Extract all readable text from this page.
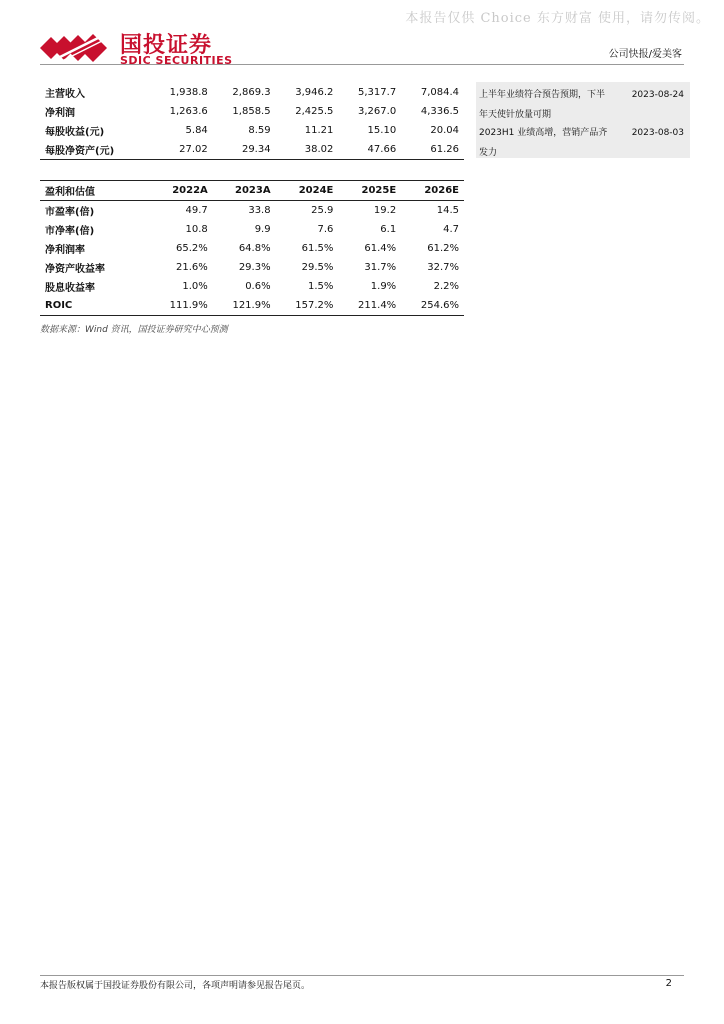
本报告仅供 Choice 东方财富 使用，请勿传阅。
国投证券
SDIC SECURITIES	公司快报/爱美客
主营收入	1,938.8	2,869.3	3,946.2	5,317.7	7,084.4
净利润	1,263.6	1,858.5	2,425.5	3,267.0	4,336.5
每股收益(元)	5.84	8.59	11.21	15.10	20.04
每股净资产(元)	27.02	29.34	38.02	47.66	61.26
盈利和估值	2022A	2023A	2024E	2025E	2026E
市盈率(倍)	49.7	33.8	25.9	19.2	14.5
市净率(倍)	10.8	9.9	7.6	6.1	4.7
净利润率	65.2%	64.8%	61.5%	61.4%	61.2%
净资产收益率	21.6%	29.3%	29.5%	31.7%	32.7%
股息收益率	1.0%	0.6%	1.5%	1.9%	2.2%
ROIC	111.9%	121.9%	157.2%	211.4%	254.6%
数据来源：Wind 资讯，国投证券研究中心预测
上半年业绩符合预告预期，下半年天使针放量可期
2023-08-24
2023H1 业绩高增，营销产品齐发力
2023-08-03
本报告版权属于国投证券股份有限公司，各项声明请参见报告尾页。	2
